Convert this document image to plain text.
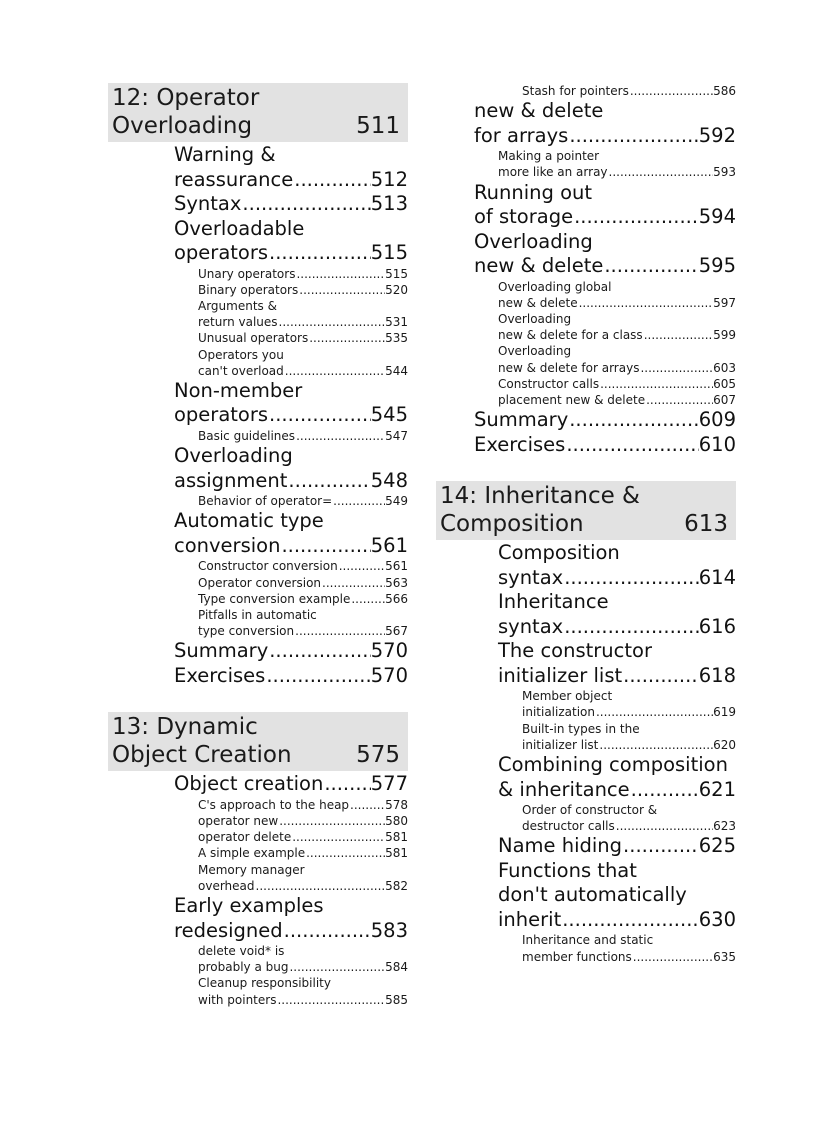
12: Operator
Overloading	511
Warning &
reassurance .....	512
Syntax .....	513
Overloadable
operators .....	515
Unary operators .....	515
Binary operators .....	520
Arguments &
return values .....	531
Unusual operators .....	535
Operators you
can't overload .....	544
Non-member
operators .....	545
Basic guidelines .....	547
Overloading
assignment .....	548
Behavior of operator= .....	549
Automatic type
conversion .....	561
Constructor conversion .....	561
Operator conversion .....	563
Type conversion example .....	566
Pitfalls in automatic
type conversion .....	567
Summary .....	570
Exercises .....	570
13: Dynamic
Object Creation	575
Object creation ..... 577
C's approach to the heap .....	578
operator new .....	580
operator delete .....	581
A simple example .....	581
Memory manager
overhead .....	582
Early examples
redesigned .....	583
delete void* is
probably a bug .....	584
Cleanup responsibility
with pointers .....	585
Stash for pointers .....	586
new & delete
for arrays .....	592
Making a pointer
more like an array .....	593
Running out
of storage .....	594
Overloading
new & delete .....	595
Overloading global
new & delete .....	597
Overloading
new & delete for a class .....	599
Overloading
new & delete for arrays .....	603
Constructor calls .....	605
placement new & delete .....	607
Summary .....	609
Exercises .....	610
14: Inheritance &
Composition	613
Composition
syntax .....	614
Inheritance
syntax .....	616
The constructor
initializer list .....	618
Member object
initialization .....	619
Built-in types in the
initializer list .....	620
Combining composition
& inheritance .....	621
Order of constructor &
destructor calls .....	623
Name hiding .....	625
Functions that
don't automatically
inherit .....	630
Inheritance and static
member functions .....	635
